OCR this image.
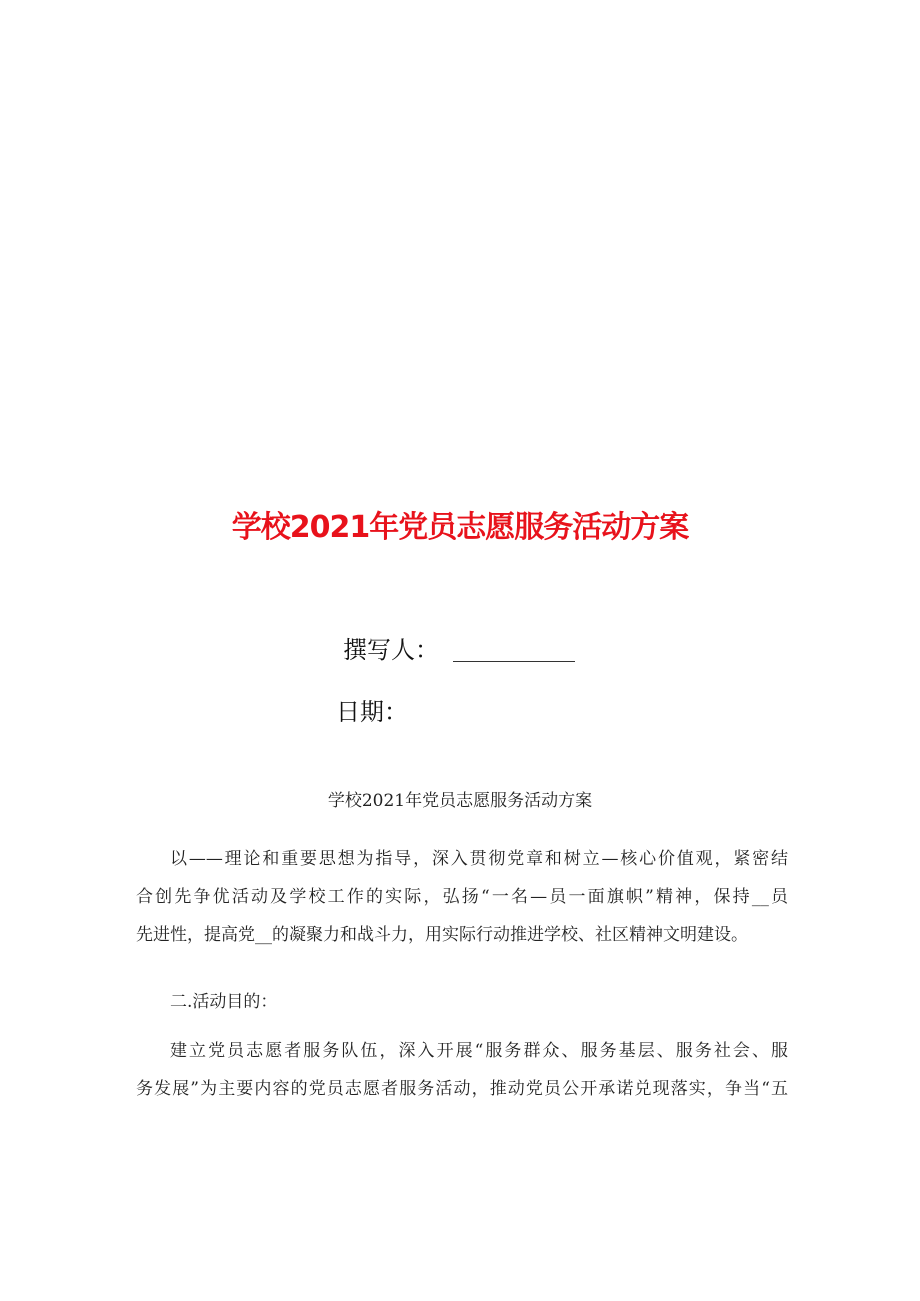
学校2021年党员志愿服务活动方案
撰写人：
日期：
学校2021年党员志愿服务活动方案
以——理论和重要思想为指导，深入贯彻党章和树立—核心价值观，紧密结
合创先争优活动及学校工作的实际，弘扬“一名—员一面旗帜”精神，保持__员
先进性，提高党__的凝聚力和战斗力，用实际行动推进学校、社区精神文明建设。
二.活动目的：
建立党员志愿者服务队伍，深入开展“服务群众、服务基层、服务社会、服
务发展”为主要内容的党员志愿者服务活动，推动党员公开承诺兑现落实，争当“五
